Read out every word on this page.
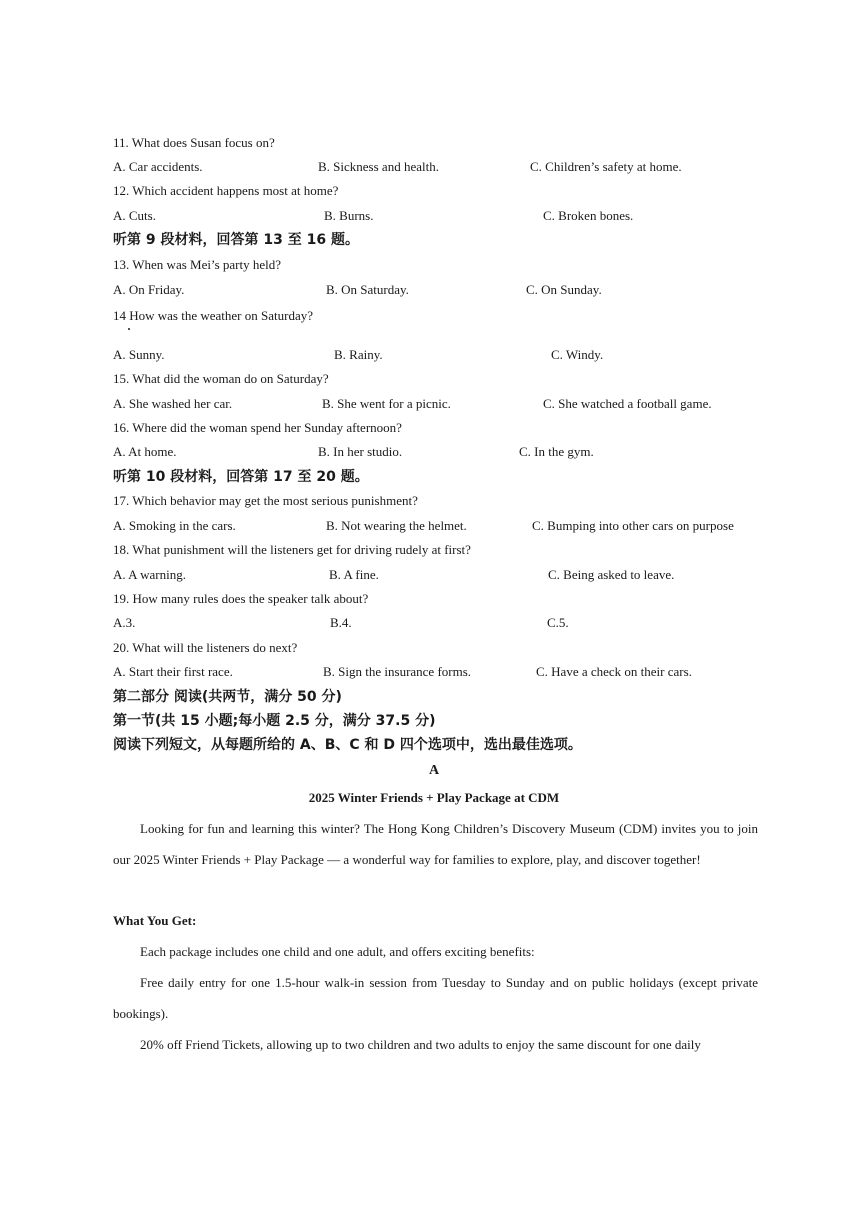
11. What does Susan focus on?
A. Car accidents.	B. Sickness and health.	C. Children’s safety at home.
12. Which accident happens most at home?
A. Cuts.	B. Burns.	C. Broken bones.
听第 9 段材料，回答第 13 至 16 题。
13. When was Mei’s party held?
A. On Friday.	B. On Saturday.	C. On Sunday.
14 How was the weather on Saturday?
A. Sunny.	B. Rainy.	C. Windy.
15. What did the woman do on Saturday?
A. She washed her car.	B. She went for a picnic.	C. She watched a football game.
16. Where did the woman spend her Sunday afternoon?
A. At home.	B. In her studio.	C. In the gym.
听第 10 段材料，回答第 17 至 20 题。
17. Which behavior may get the most serious punishment?
A. Smoking in the cars.	B. Not wearing the helmet.	C. Bumping into other cars on purpose
18. What punishment will the listeners get for driving rudely at first?
A. A warning.	B. A fine.	C. Being asked to leave.
19. How many rules does the speaker talk about?
A.3.	B.4.	C.5.
20. What will the listeners do next?
A. Start their first race.	B. Sign the insurance forms.	C. Have a check on their cars.
第二部分 阅读(共两节，满分 50 分)
第一节(共 15 小题;每小题 2.5 分，满分 37.5 分)
阅读下列短文，从每题所给的 A、B、C 和 D 四个选项中，选出最佳选项。
A
2025 Winter Friends + Play Package at CDM
Looking for fun and learning this winter? The Hong Kong Children’s Discovery Museum (CDM) invites you to join our 2025 Winter Friends + Play Package — a wonderful way for families to explore, play, and discover together!
What You Get:
Each package includes one child and one adult, and offers exciting benefits:
Free daily entry for one 1.5-hour walk-in session from Tuesday to Sunday and on public holidays (except private bookings).
20% off Friend Tickets, allowing up to two children and two adults to enjoy the same discount for one daily
